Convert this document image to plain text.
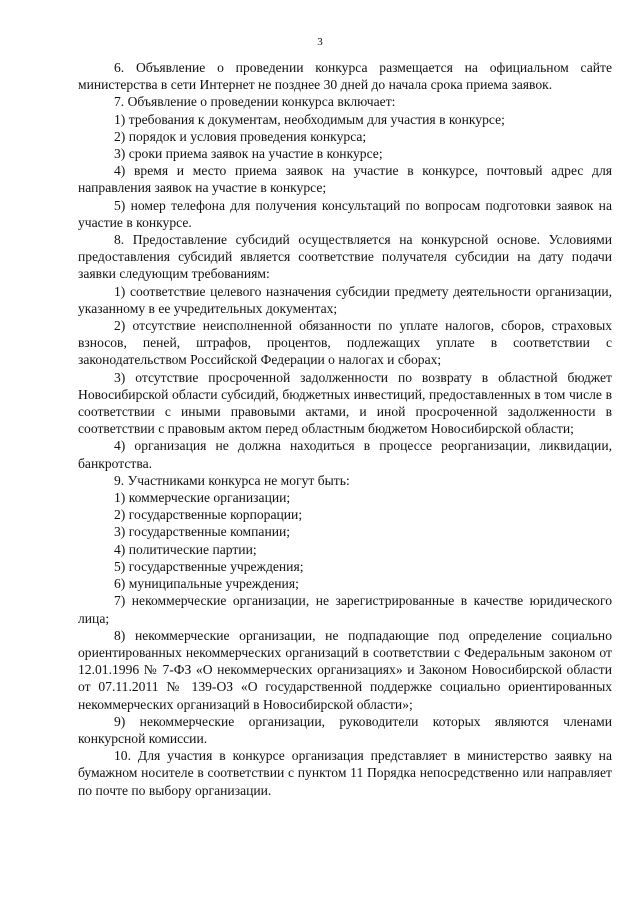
3

6. Объявление о проведении конкурса размещается на официальном сайте министерства в сети Интернет не позднее 30 дней до начала срока приема заявок.

7. Объявление о проведении конкурса включает:

1) требования к документам, необходимым для участия в конкурсе;

2) порядок и условия проведения конкурса;

3) сроки приема заявок на участие в конкурсе;

4) время и место приема заявок на участие в конкурсе, почтовый адрес для направления заявок на участие в конкурсе;

5) номер телефона для получения консультаций по вопросам подготовки заявок на участие в конкурсе.

8. Предоставление субсидий осуществляется на конкурсной основе. Условиями предоставления субсидий является соответствие получателя субсидии на дату подачи заявки следующим требованиям:

1) соответствие целевого назначения субсидии предмету деятельности организации, указанному в ее учредительных документах;

2) отсутствие неисполненной обязанности по уплате налогов, сборов, страховых взносов, пеней, штрафов, процентов, подлежащих уплате в соответствии с законодательством Российской Федерации о налогах и сборах;

3) отсутствие просроченной задолженности по возврату в областной бюджет Новосибирской области субсидий, бюджетных инвестиций, предоставленных в том числе в соответствии с иными правовыми актами, и иной просроченной задолженности в соответствии с правовым актом перед областным бюджетом Новосибирской области;

4) организация не должна находиться в процессе реорганизации, ликвидации, банкротства.

9. Участниками конкурса не могут быть:

1) коммерческие организации;

2) государственные корпорации;

3) государственные компании;

4) политические партии;

5) государственные учреждения;

6) муниципальные учреждения;

7) некоммерческие организации, не зарегистрированные в качестве юридического лица;

8) некоммерческие организации, не подпадающие под определение социально ориентированных некоммерческих организаций в соответствии с Федеральным законом от 12.01.1996 № 7-ФЗ «О некоммерческих организациях» и Законом Новосибирской области от 07.11.2011 № 139-ОЗ «О государственной поддержке социально ориентированных некоммерческих организаций в Новосибирской области»;

9) некоммерческие организации, руководители которых являются членами конкурсной комиссии.

10. Для участия в конкурсе организация представляет в министерство заявку на бумажном носителе в соответствии с пунктом 11 Порядка непосредственно или направляет по почте по выбору организации.
